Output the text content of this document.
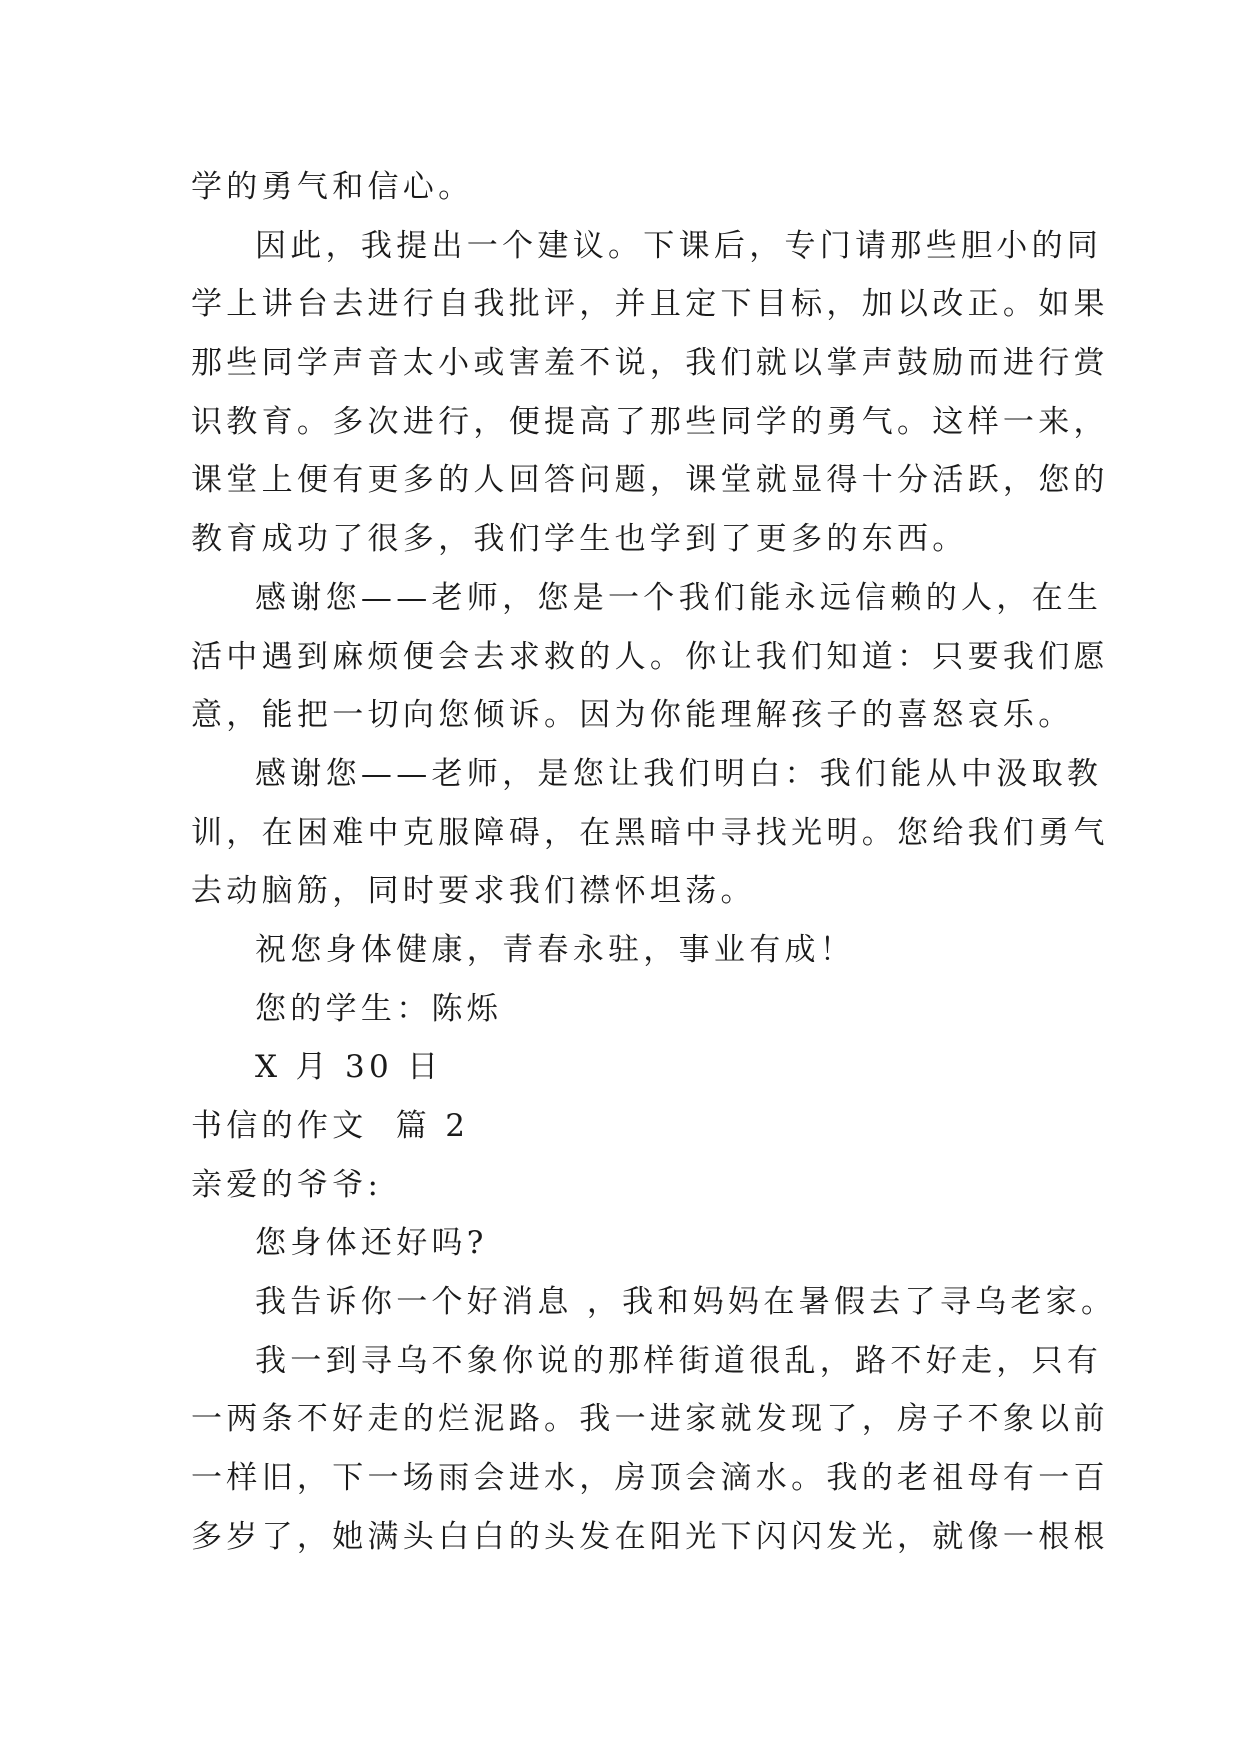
学的勇气和信心。
因此，我提出一个建议。下课后，专门请那些胆小的同
学上讲台去进行自我批评，并且定下目标，加以改正。如果
那些同学声音太小或害羞不说，我们就以掌声鼓励而进行赏
识教育。多次进行，便提高了那些同学的勇气。这样一来，
课堂上便有更多的人回答问题，课堂就显得十分活跃，您的
教育成功了很多，我们学生也学到了更多的东西。
感谢您——老师，您是一个我们能永远信赖的人，在生
活中遇到麻烦便会去求救的人。你让我们知道：只要我们愿
意，能把一切向您倾诉。因为你能理解孩子的喜怒哀乐。
感谢您——老师，是您让我们明白：我们能从中汲取教
训，在困难中克服障碍，在黑暗中寻找光明。您给我们勇气
去动脑筋，同时要求我们襟怀坦荡。
祝您身体健康，青春永驻，事业有成！
您的学生：陈烁
X 月 30 日
书信的作文  篇 2
亲爱的爷爷:
您身体还好吗?
我告诉你一个好消息 ，我和妈妈在暑假去了寻乌老家。
我一到寻乌不象你说的那样街道很乱，路不好走，只有
一两条不好走的烂泥路。我一进家就发现了，房子不象以前
一样旧，下一场雨会进水，房顶会滴水。我的老祖母有一百
多岁了，她满头白白的头发在阳光下闪闪发光，就像一根根
